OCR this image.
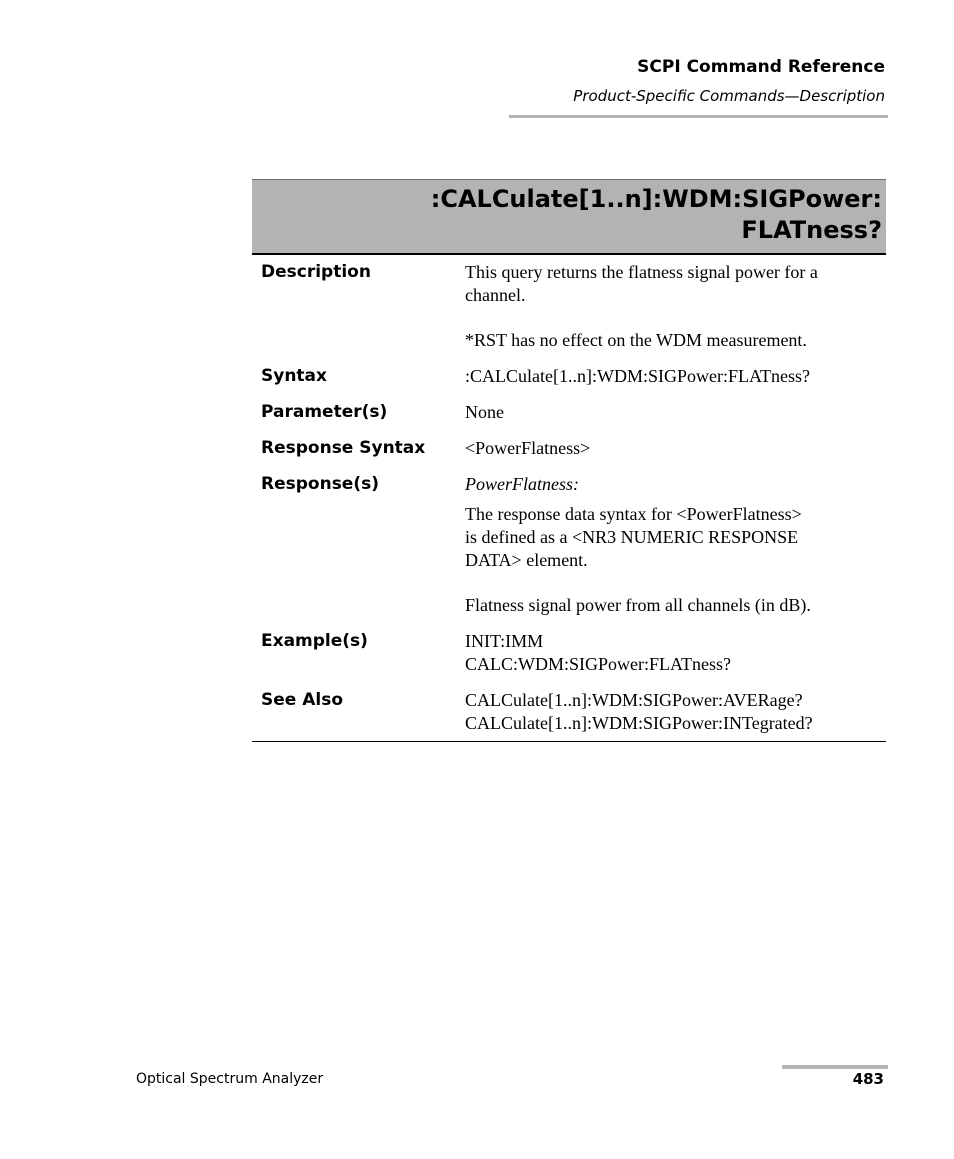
SCPI Command Reference
Product-Specific Commands—Description
:CALCulate[1..n]:WDM:SIGPower:
FLATness?
Description	This query returns the flatness signal power for a
channel.
*RST has no effect on the WDM measurement.
Syntax	:CALCulate[1..n]:WDM:SIGPower:FLATness?
Parameter(s)	None
Response Syntax <PowerFlatness>
Response(s)	PowerFlatness:
The response data syntax for <PowerFlatness>
is defined as a <NR3 NUMERIC RESPONSE
DATA> element.
Flatness signal power from all channels (in dB).
Example(s)	INIT:IMM
CALC:WDM:SIGPower:FLATness?
See Also	CALCulate[1..n]:WDM:SIGPower:AVERage?
CALCulate[1..n]:WDM:SIGPower:INTegrated?
Optical Spectrum Analyzer	483
